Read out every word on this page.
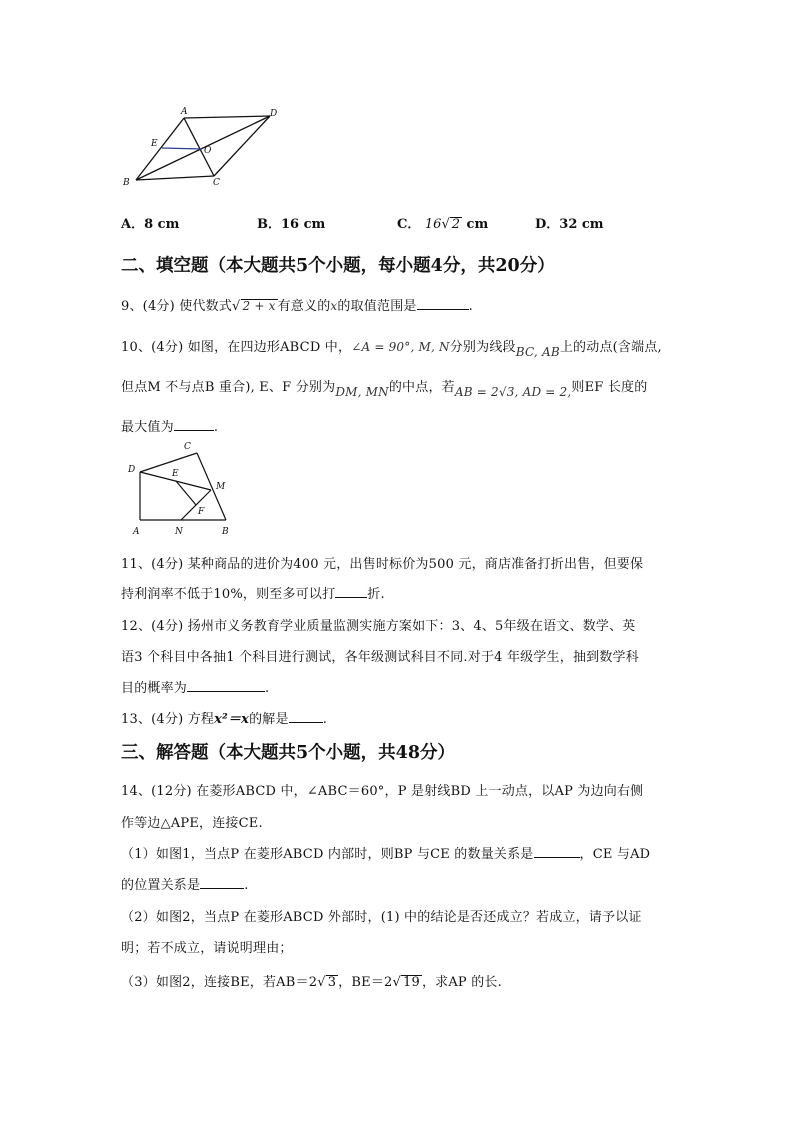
A	D
E
O
B	C
A．8 cm	B．16 cm	C． 16√ 2 cm	D．32 cm
二、填空题（本大题共5个小题，每小题4分，共20分）
9、(4分) 使代数式√ 2 + x 有意义的x的取值范围是	.
10、(4分) 如图，在四边形ABCD 中，∠A = 90°, M, N分别为线段BC, AB上的动点(含端点,
但点M 不与点B 重合), E、F 分别为DM, MN的中点，若AB = 2√3, AD = 2,则EF 长度的
最大值为	.
C
D	E
M
F
A	N	B
11、(4分) 某种商品的进价为400 元，出售时标价为500 元，商店准备打折出售，但要保
持利润率不低于10%，则至多可以打 折.
12、(4分) 扬州市义务教育学业质量监测实施方案如下：3、4、5年级在语文、数学、英
语3 个科目中各抽1 个科目进行测试，各年级测试科目不同.对于4 年级学生，抽到数学科
目的概率为	.
13、(4分) 方程x²＝x的解是	.
三、解答题（本大题共5个小题，共48分）
14、(12分) 在菱形ABCD 中，∠ABC＝60°，P 是射线BD 上一动点，以AP 为边向右侧
作等边△APE，连接CE.
（1）如图1，当点P 在菱形ABCD 内部时，则BP 与CE 的数量关系是	，CE 与AD
的位置关系是	.
（2）如图2，当点P 在菱形ABCD 外部时，(1) 中的结论是否还成立？若成立，请予以证
明；若不成立，请说明理由；
（3）如图2，连接BE，若AB＝2√ 3 ，BE＝2√ 19 ，求AP 的长.
